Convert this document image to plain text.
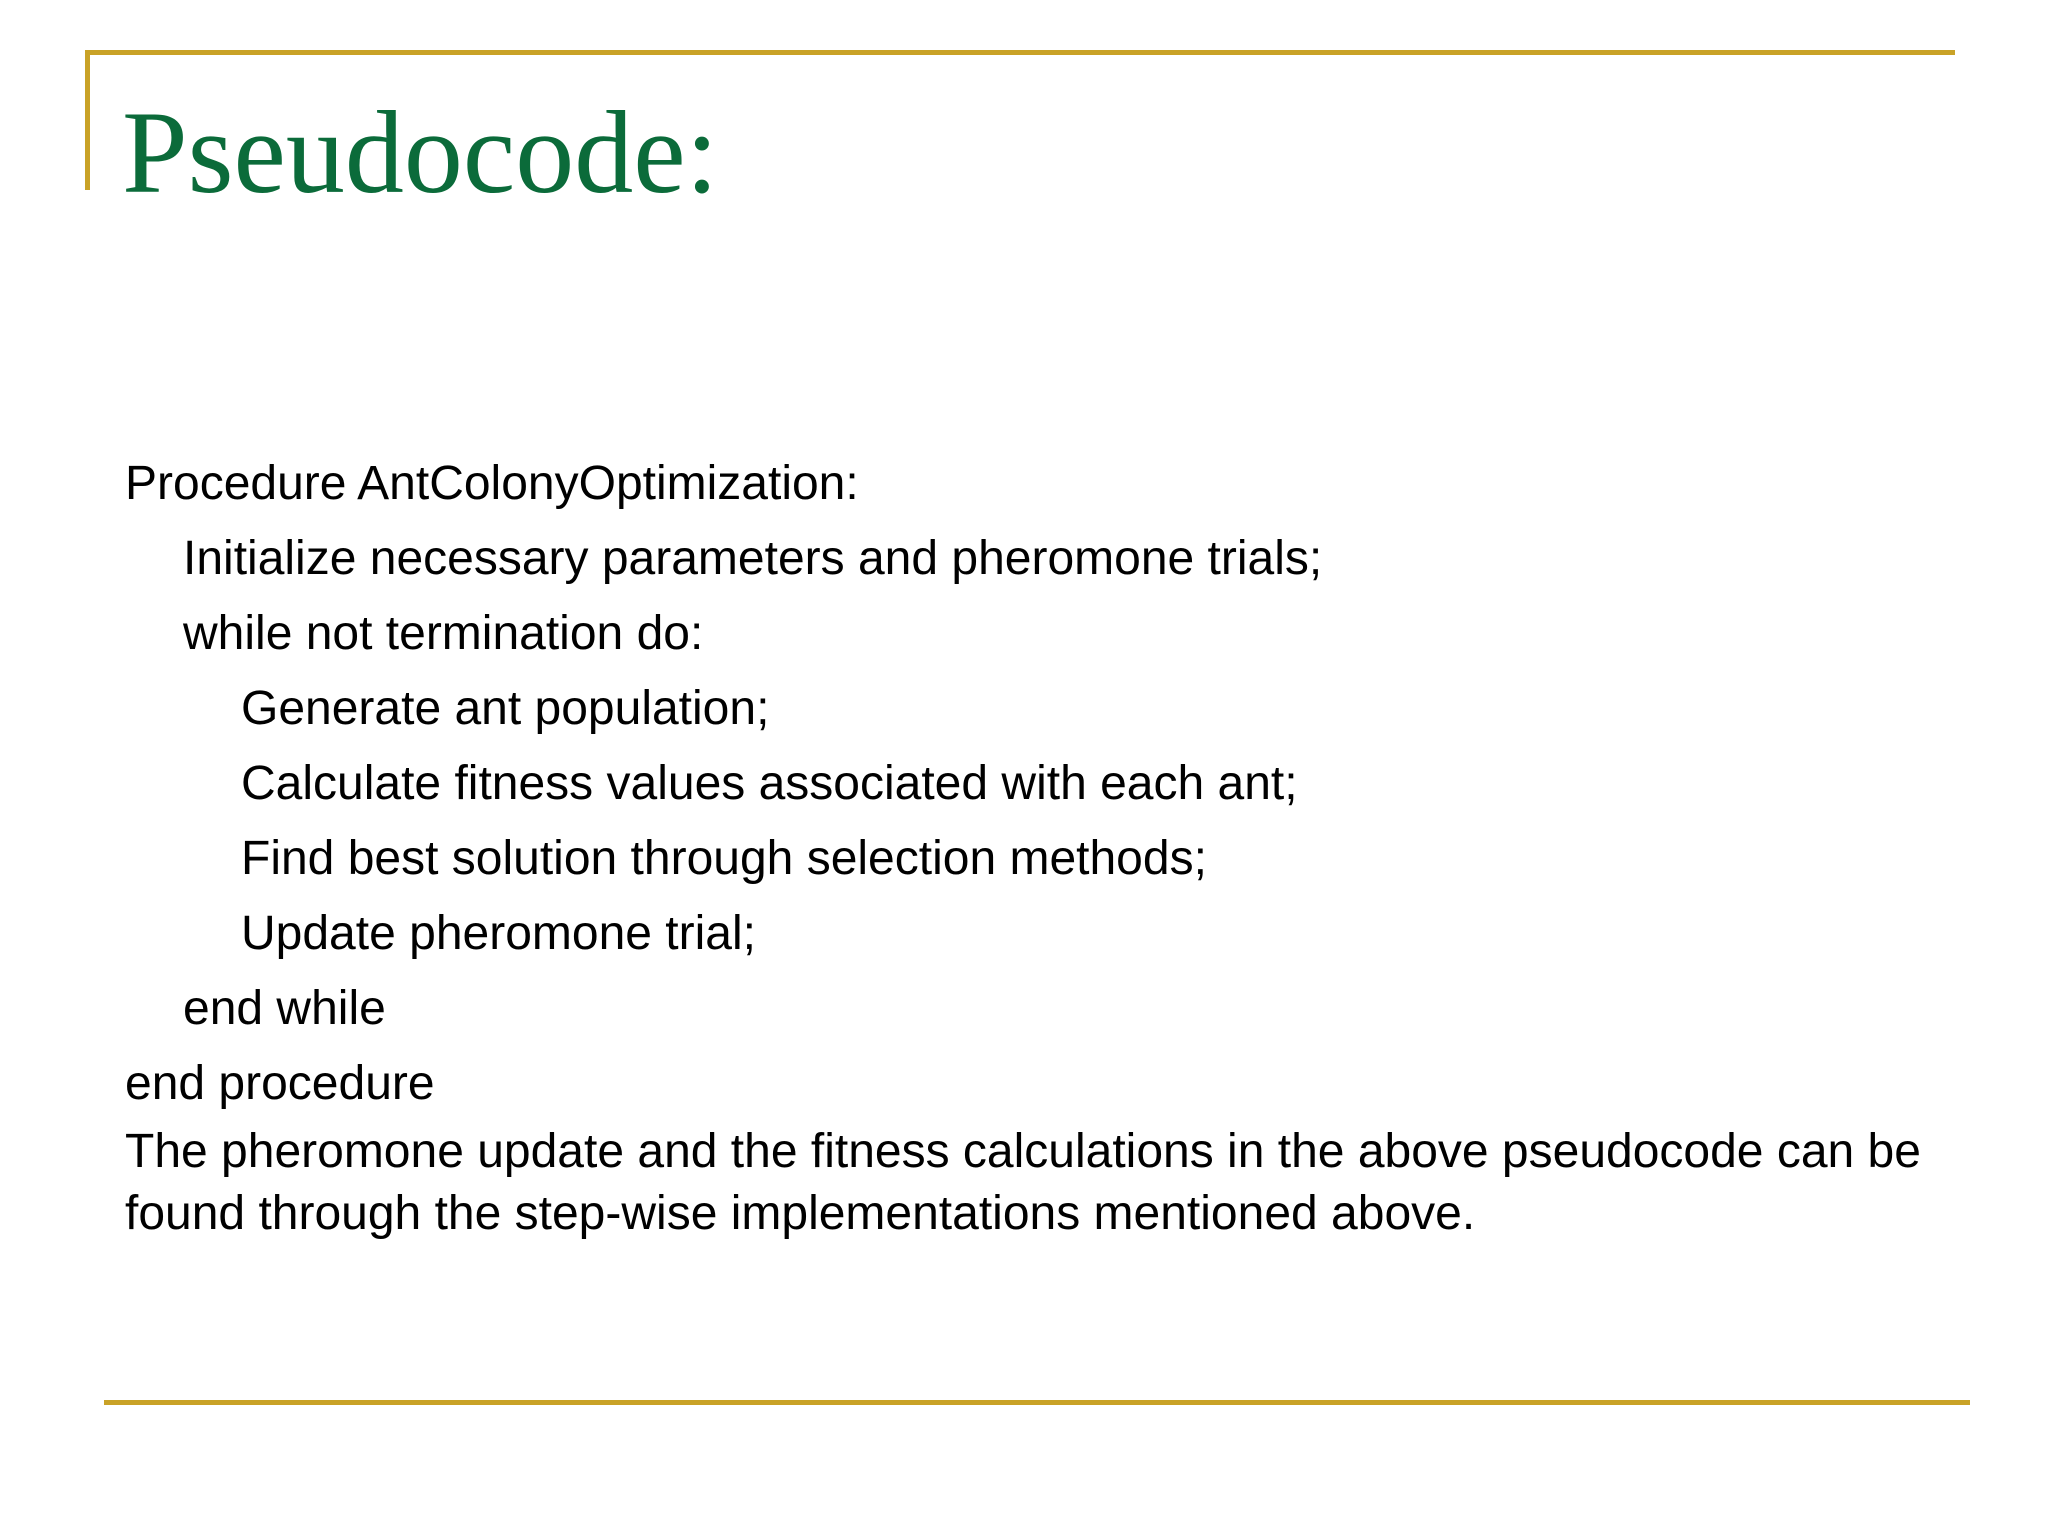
Pseudocode:
Procedure AntColonyOptimization:
Initialize necessary parameters and pheromone trials;
while not termination do:
Generate ant population;
Calculate fitness values associated with each ant;
Find best solution through selection methods;
Update pheromone trial;
end while
end procedure
The pheromone update and the fitness calculations in the above pseudocode can be found through the step-wise implementations mentioned above.
